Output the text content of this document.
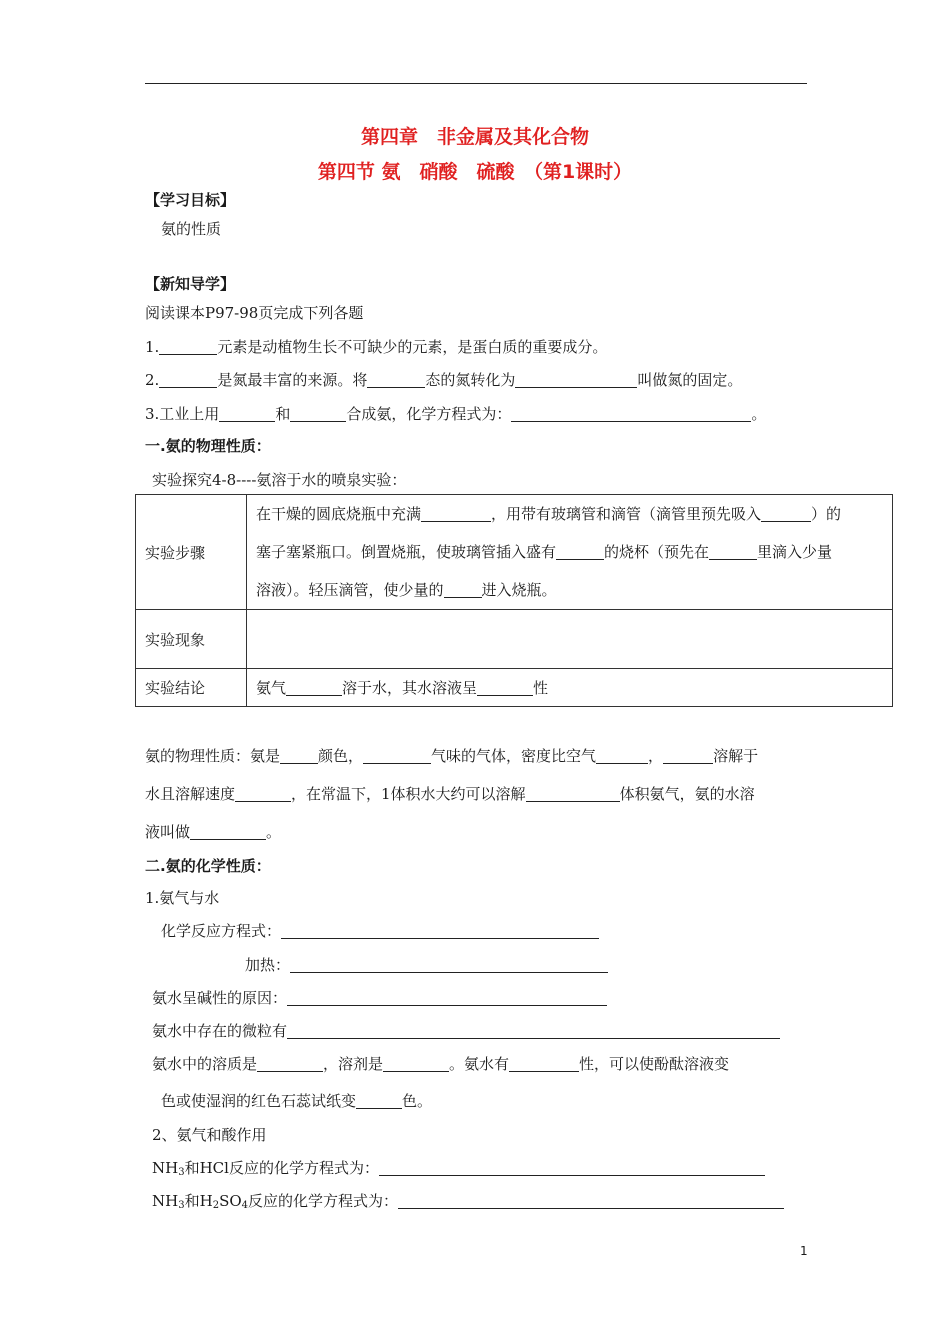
第四章　非金属及其化合物
第四节 氨　硝酸　硫酸　（第1课时）
【学习目标】
氨的性质
【新知导学】
阅读课本P97-98页完成下列各题
1.	元素是动植物生长不可缺少的元素，是蛋白质的重要成分。
2.	是氮最丰富的来源。将	态的氮转化为	叫做氮的固定。
3.工业上用	和	合成氨，化学方程式为：	。
一.氨的物理性质：
实验探究4-8----氨溶于水的喷泉实验：
实验步骤	在干燥的圆底烧瓶中充满 ，用带有玻璃管和滴管（滴管里预先吸入 ）的
塞子塞紧瓶口。倒置烧瓶，使玻璃管插入盛有 的烧杯（预先在 里滴入少量
溶液）。轻压滴管，使少量的 进入烧瓶。

实验现象	
实验结论	氨气 溶于水，其水溶液呈 性
氨的物理性质：氨是	颜色，	气味的气体，密度比空气	，	溶解于
水且溶解速度	，在常温下，1体积水大约可以溶解	体积氨气，氨的水溶
液叫做	。
二.氨的化学性质：
1.氨气与水
化学反应方程式：
加热：
氨水呈碱性的原因：
氨水中存在的微粒有
氨水中的溶质是	，溶剂是	。氨水有	性，可以使酚酞溶液变
色或使湿润的红色石蕊试纸变	色。
2、氨气和酸作用
$NH_3$和HCl反应的化学方程式为：
$NH_3$和$H_2SO_4$反应的化学方程式为：
1
